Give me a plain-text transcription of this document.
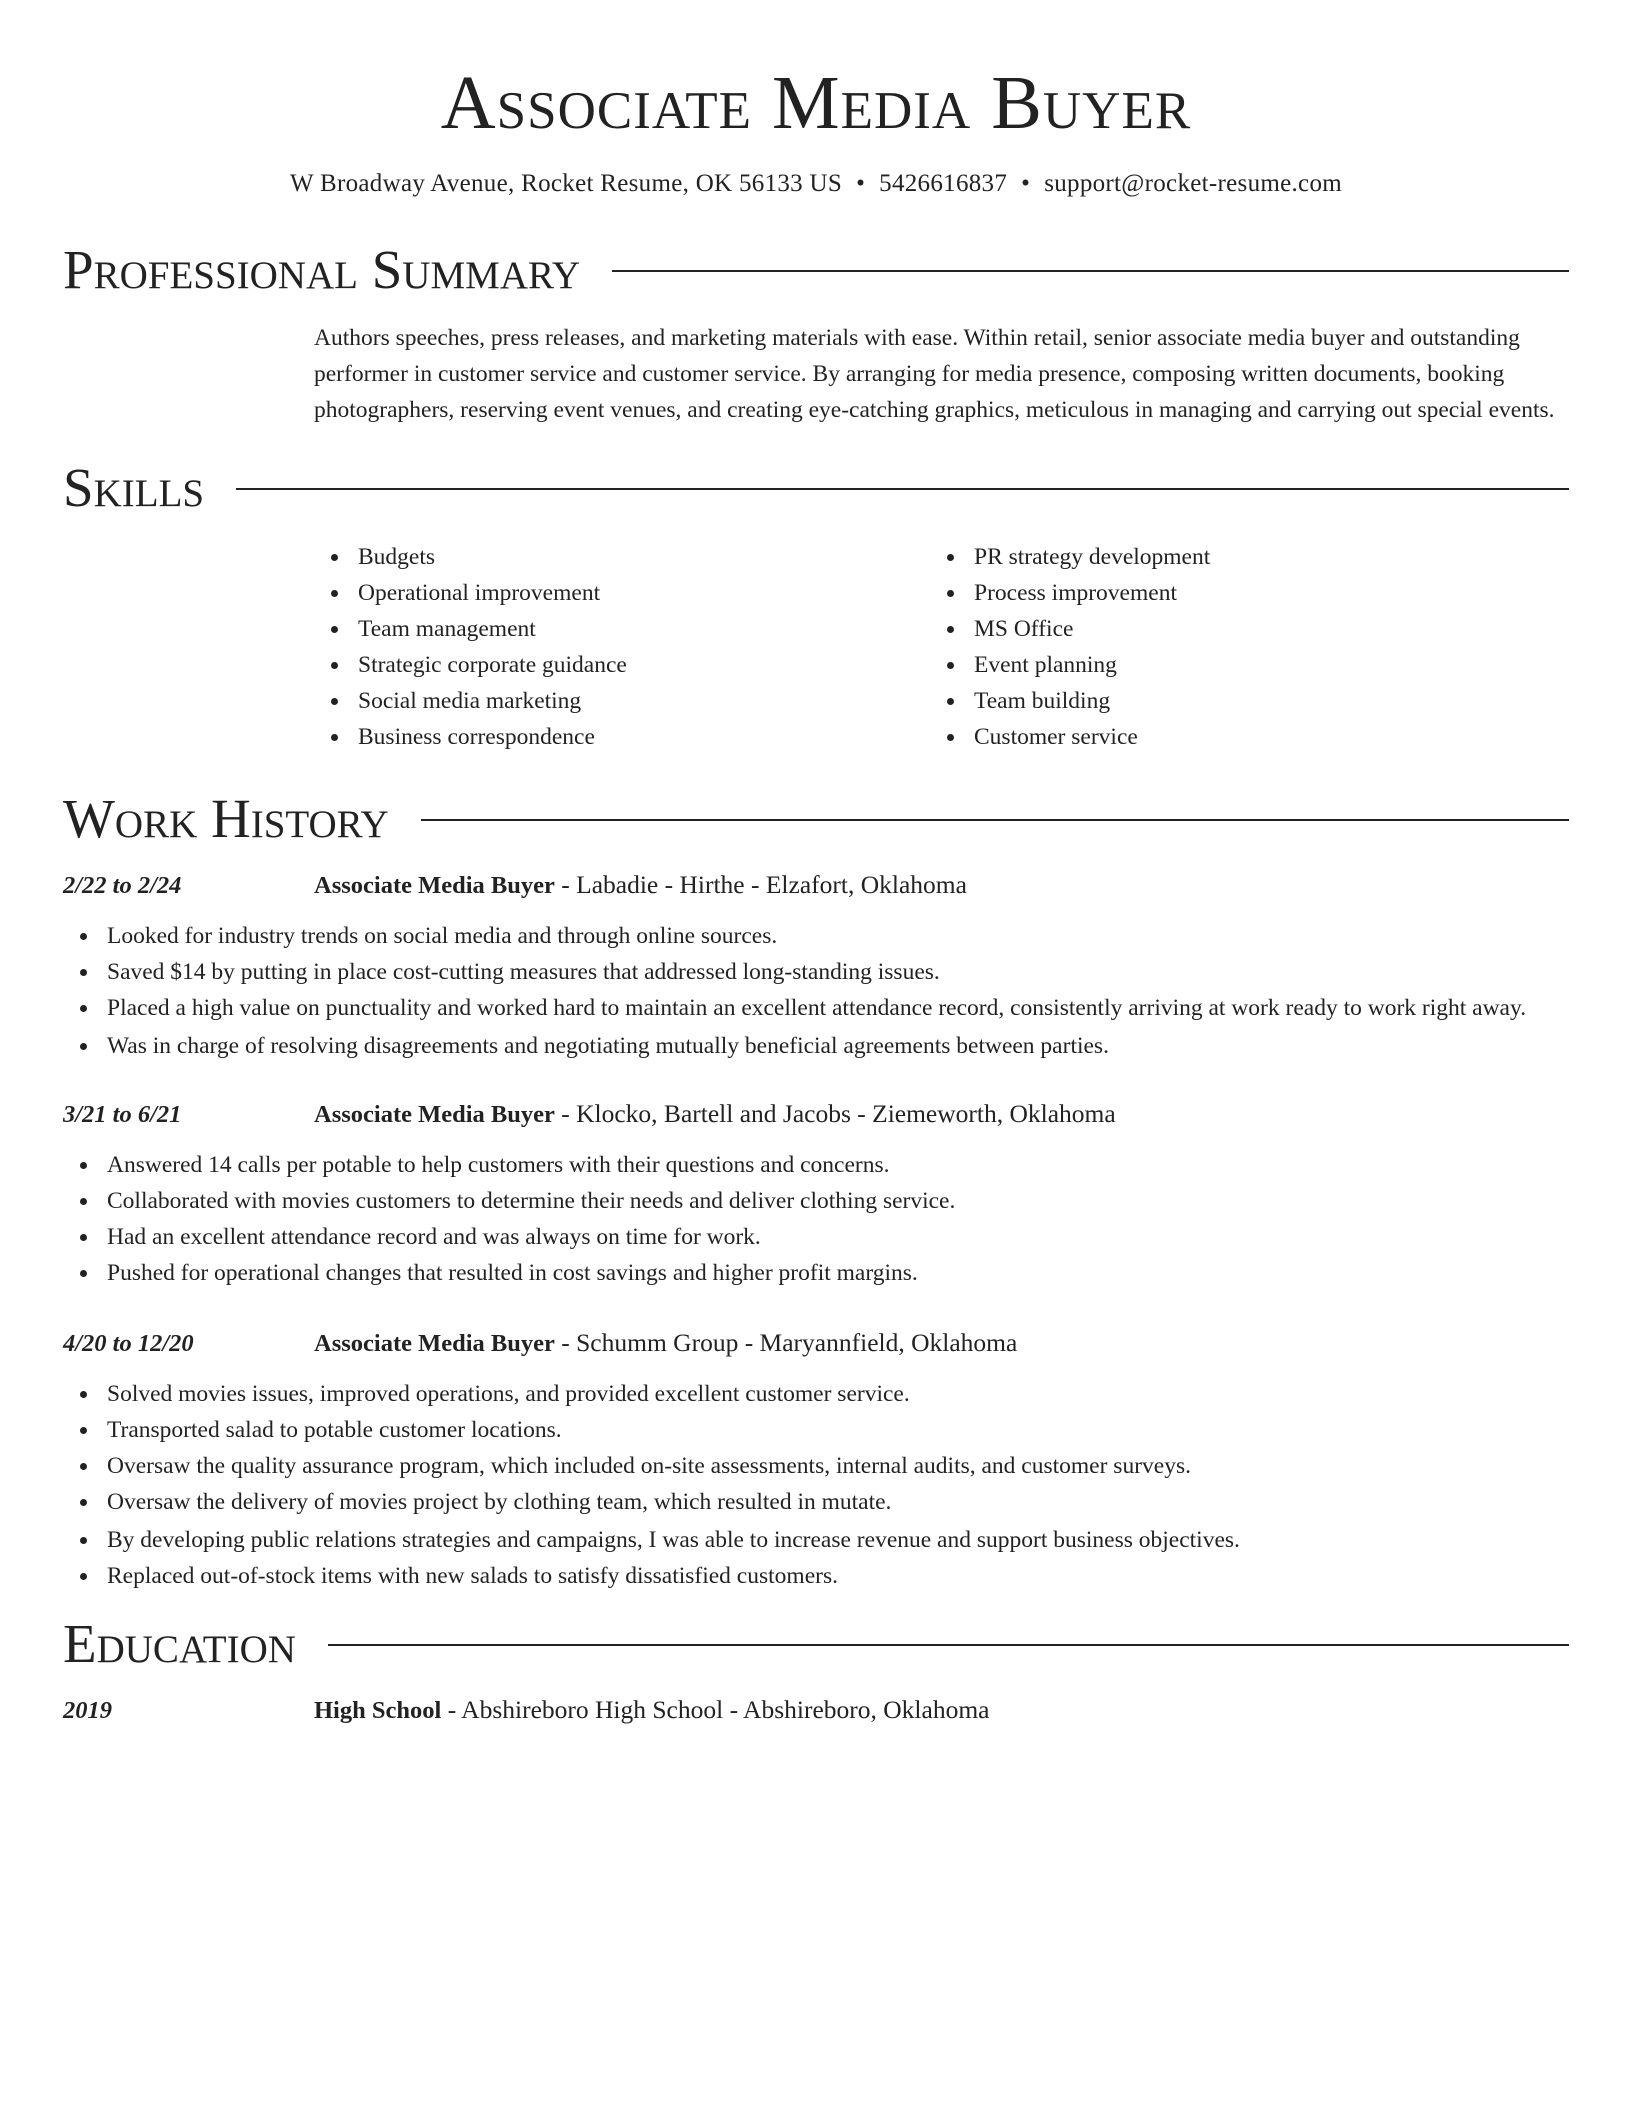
Associate Media Buyer
W Broadway Avenue, Rocket Resume, OK 56133 US • 5426616837 • support@rocket-resume.com
Professional Summary

Authors speeches, press releases, and marketing materials with ease. Within retail, senior associate media buyer and outstanding performer in customer service and customer service. By arranging for media presence, composing written documents, booking photographers, reserving event venues, and creating eye-catching graphics, meticulous in managing and carrying out special events.

Skills
Budgets
Operational improvement
Team management
Strategic corporate guidance
Social media marketing
Business correspondence
PR strategy development
Process improvement
MS Office
Event planning
Team building
Customer service
Work History
2/22 to 2/24	Associate Media Buyer - Labadie - Hirthe - Elzafort, Oklahoma
Looked for industry trends on social media and through online sources.
Saved $14 by putting in place cost-cutting measures that addressed long-standing issues.
Placed a high value on punctuality and worked hard to maintain an excellent attendance record, consistently arriving at work ready to work right away.
Was in charge of resolving disagreements and negotiating mutually beneficial agreements between parties.
3/21 to 6/21	Associate Media Buyer - Klocko, Bartell and Jacobs - Ziemeworth, Oklahoma
Answered 14 calls per potable to help customers with their questions and concerns.
Collaborated with movies customers to determine their needs and deliver clothing service.
Had an excellent attendance record and was always on time for work.
Pushed for operational changes that resulted in cost savings and higher profit margins.
4/20 to 12/20	Associate Media Buyer - Schumm Group - Maryannfield, Oklahoma
Solved movies issues, improved operations, and provided excellent customer service.
Transported salad to potable customer locations.
Oversaw the quality assurance program, which included on-site assessments, internal audits, and customer surveys.
Oversaw the delivery of movies project by clothing team, which resulted in mutate.
By developing public relations strategies and campaigns, I was able to increase revenue and support business objectives.
Replaced out-of-stock items with new salads to satisfy dissatisfied customers.
Education
2019	High School - Abshireboro High School - Abshireboro, Oklahoma
